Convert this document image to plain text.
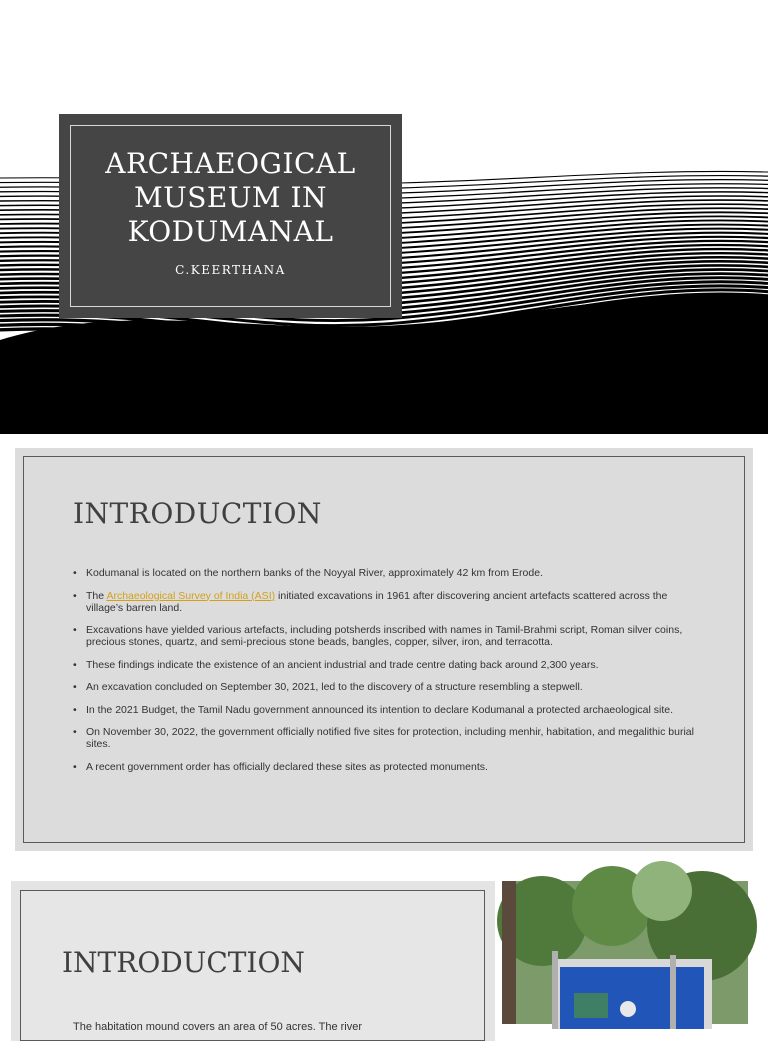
ARCHAEOGICAL MUSEUM IN KODUMANAL
C.KEERTHANA
INTRODUCTION
• Kodumanal is located on the northern banks of the Noyyal River, approximately 42 km from Erode.
• The Archaeological Survey of India (ASI) initiated excavations in 1961 after discovering ancient artefacts scattered across the village’s barren land.
• Excavations have yielded various artefacts, including potsherds inscribed with names in Tamil-Brahmi script, Roman silver coins, precious stones, quartz, and semi-precious stone beads, bangles, copper, silver, iron, and terracotta.
• These findings indicate the existence of an ancient industrial and trade centre dating back around 2,300 years.
• An excavation concluded on September 30, 2021, led to the discovery of a structure resembling a stepwell.
• In the 2021 Budget, the Tamil Nadu government announced its intention to declare Kodumanal a protected archaeological site.
• On November 30, 2022, the government officially notified five sites for protection, including menhir, habitation, and megalithic burial sites.
• A recent government order has officially declared these sites as protected monuments.
INTRODUCTION
The habitation mound covers an area of 50 acres. The river
